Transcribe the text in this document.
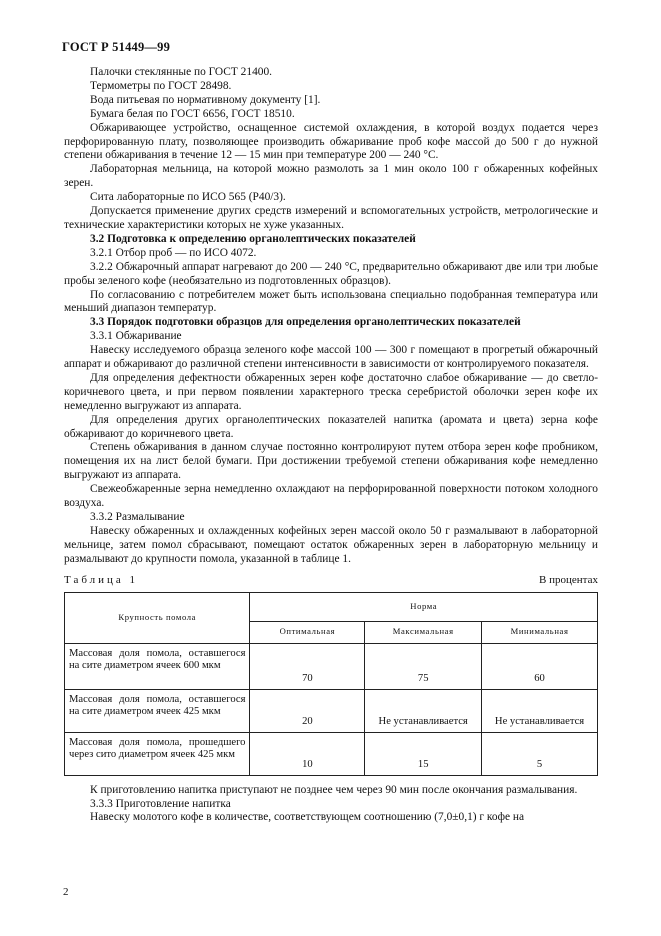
ГОСТ Р 51449—99

Палочки стеклянные по ГОСТ 21400.

Термометры по ГОСТ 28498.

Вода питьевая по нормативному документу [1].

Бумага белая по ГОСТ 6656, ГОСТ 18510.

Обжаривающее устройство, оснащенное системой охлаждения, в которой воздух подается через перфорированную плату, позволяющее производить обжаривание проб кофе массой до 500 г до нужной степени обжаривания в течение 12 — 15 мин при температуре 200 — 240 °С.

Лабораторная мельница, на которой можно размолоть за 1 мин около 100 г обжаренных кофейных зерен.

Сита лабораторные по ИСО 565 (Р40/3).

Допускается применение других средств измерений и вспомогательных устройств, метрологические и технические характеристики которых не хуже указанных.

3.2 Подготовка к определению органолептических показателей

3.2.1 Отбор проб — по ИСО 4072.

3.2.2 Обжарочный аппарат нагревают до 200 — 240 °С, предварительно обжаривают две или три любые пробы зеленого кофе (необязательно из подготовленных образцов).

По согласованию с потребителем может быть использована специально подобранная температура или меньший диапазон температур.

3.3 Порядок подготовки образцов для определения органолептических показателей

3.3.1 Обжаривание

Навеску исследуемого образца зеленого кофе массой 100 — 300 г помещают в прогретый обжарочный аппарат и обжаривают до различной степени интенсивности в зависимости от контролируемого показателя.

Для определения дефектности обжаренных зерен кофе достаточно слабое обжаривание — до светло-коричневого цвета, и при первом появлении характерного треска серебристой оболочки зерен кофе их немедленно выгружают из аппарата.

Для определения других органолептических показателей напитка (аромата и цвета) зерна кофе обжаривают до коричневого цвета.

Степень обжаривания в данном случае постоянно контролируют путем отбора зерен кофе пробником, помещения их на лист белой бумаги. При достижении требуемой степени обжаривания кофе немедленно выгружают из аппарата.

Свежеобжаренные зерна немедленно охлаждают на перфорированной поверхности потоком холодного воздуха.

3.3.2 Размалывание

Навеску обжаренных и охлажденных кофейных зерен массой около 50 г размалывают в лабораторной мельнице, затем помол сбрасывают, помещают остаток обжаренных зерен в лабораторную мельницу и размалывают до крупности помола, указанной в таблице 1.

Таблица 1	В процентах
Крупность помола	Норма		
	Оптимальная	Максимальная	Минимальная
Массовая доля помола, оставшегося на сите диаметром ячеек 600 мкм	70	75	60
Массовая доля помола, оставшегося на сите диаметром ячеек 425 мкм	20	Не устанавливается	Не устанавливается
Массовая доля помола, прошедшего через сито диаметром ячеек 425 мкм	10	15	5

К приготовлению напитка приступают не позднее чем через 90 мин после окончания размалывания.

3.3.3 Приготовление напитка

Навеску молотого кофе в количестве, соответствующем соотношению (7,0±0,1) г кофе на

2
